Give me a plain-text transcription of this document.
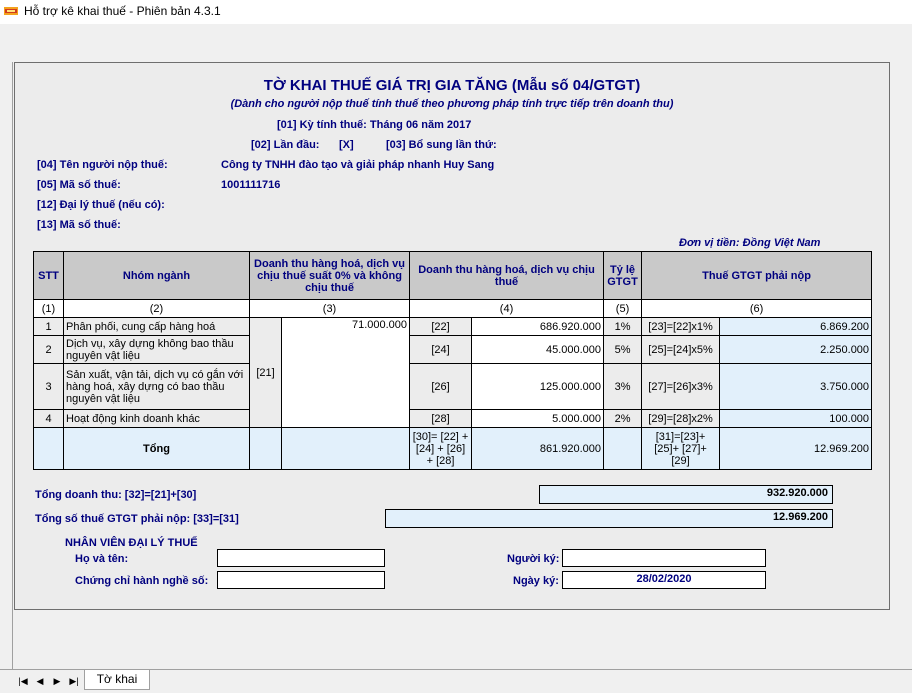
Hỗ trợ kê khai thuế - Phiên bản 4.3.1
TỜ KHAI THUẾ GIÁ TRỊ GIA TĂNG (Mẫu số 04/GTGT)
(Dành cho người nộp thuế tính thuế theo phương pháp tính trực tiếp trên doanh thu)
[01] Kỳ tính thuế: Tháng 06 năm 2017
[02] Lần đầu: [X]	[03] Bổ sung lần thứ:
[04] Tên người nộp thuế:	Công ty TNHH đào tạo và giải pháp nhanh Huy Sang
[05] Mã số thuế:	1001111716
[12] Đại lý thuế (nếu có):
[13] Mã số thuế:
Đơn vị tiền: Đồng Việt Nam
STT	Nhóm ngành	Doanh thu hàng hoá, dịch vụ chịu thuế suất 0% và không chịu thuế		Doanh thu hàng hoá, dịch vụ chịu thuế		Tỷ lệ GTGT	Thuế GTGT phải nộp	
(1)	(2)	(3)		(4)		(5)	(6)	
1	Phân phối, cung cấp hàng hoá	[21]	71.000.000	[22]	686.920.000	1%	[23]=[22]x1%	6.869.200
2	Dịch vụ, xây dựng không bao thầu nguyên vật liệu			[24]	45.000.000	5%	[25]=[24]x5%	2.250.000
3	Sản xuất, vận tải, dịch vụ có gắn với hàng hoá, xây dựng có bao thầu nguyên vật liệu			[26]	125.000.000	3%	[27]=[26]x3%	3.750.000
4	Hoạt động kinh doanh khác			[28]	5.000.000	2%	[29]=[28]x2%	100.000
	Tổng			[30]= [22] + [24] + [26] + [28]	861.920.000		[31]=[23]+ [25]+ [27]+ [29]	12.969.200
Tổng doanh thu: [32]=[21]+[30]	932.920.000
Tổng số thuế GTGT phải nộp: [33]=[31]	12.969.200
NHÂN VIÊN ĐẠI LÝ THUẾ
Họ và tên:
Chứng chỉ hành nghề số:
Người ký:
Ngày ký:	28/02/2020
|◀ ◀	▶ ▶|	Tờ khai
